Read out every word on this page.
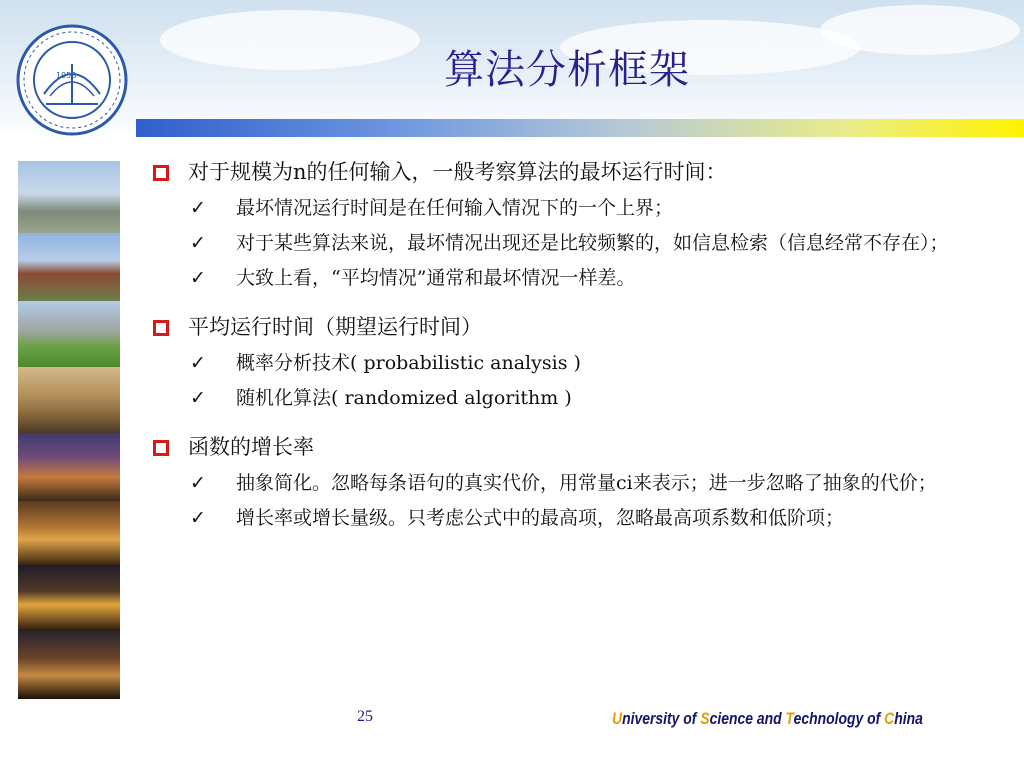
1958	算法分析框架
对于规模为n的任何输入，一般考察算法的最坏运行时间：
✓ 最坏情况运行时间是在任何输入情况下的一个上界；
✓ 对于某些算法来说，最坏情况出现还是比较频繁的，如信息检索（信息经常不存在）；
✓ 大致上看，“平均情况”通常和最坏情况一样差。
平均运行时间（期望运行时间）
✓ 概率分析技术( probabilistic analysis )
✓ 随机化算法( randomized algorithm )
函数的增长率
✓ 抽象简化。忽略每条语句的真实代价，用常量ci来表示；进一步忽略了抽象的代价；
✓ 增长率或增长量级。只考虑公式中的最高项，忽略最高项系数和低阶项；
25	University of Science and Technology of China
